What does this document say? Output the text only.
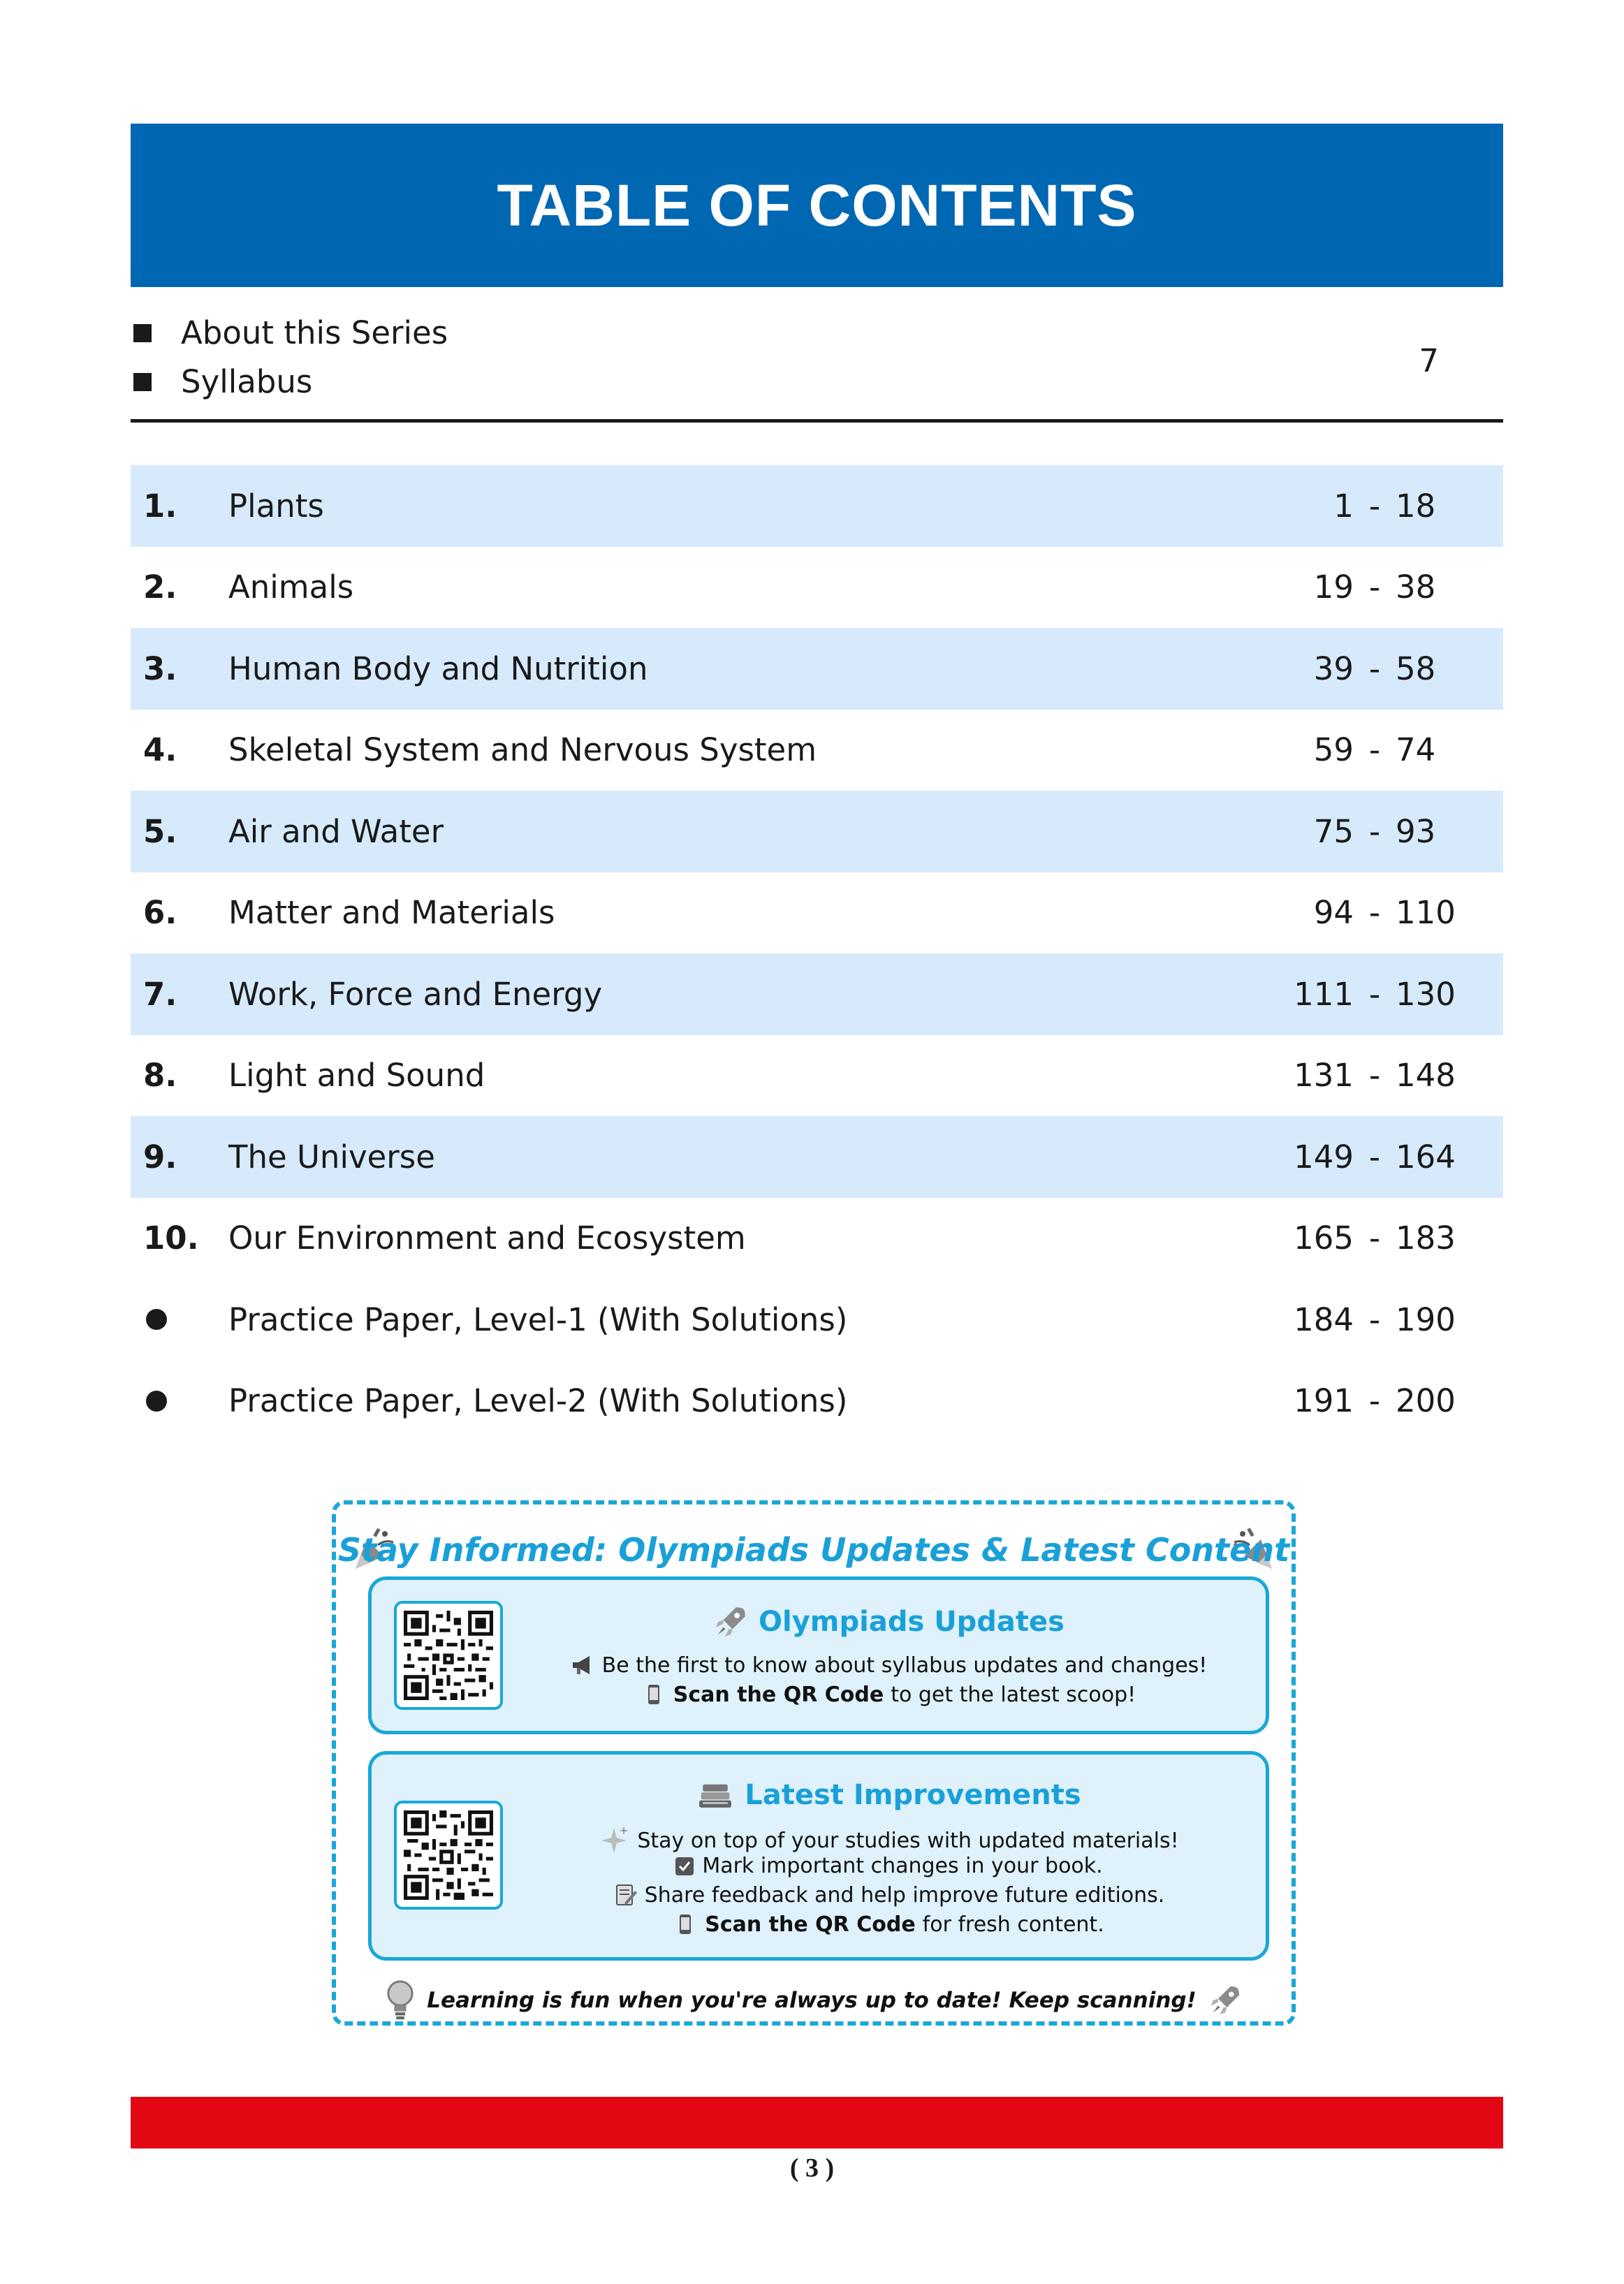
TABLE OF CONTENTS
About this Series
Syllabus
7
1.	Plants	1 - 18
2.	Animals	19 - 38
3.	Human Body and Nutrition	39 - 58
4.	Skeletal System and Nervous System	59 - 74
5.	Air and Water	75 - 93
6.	Matter and Materials	94 - 110
7.	Work, Force and Energy	111 - 130
8.	Light and Sound	131 - 148
9.	The Universe	149 - 164
10. Our Environment and Ecosystem	165 - 183
Practice Paper, Level-1 (With Solutions)	184 - 190
Practice Paper, Level-2 (With Solutions)	191 - 200
Stay Informed: Olympiads Updates & Latest Content
Olympiads Updates
Be the first to know about syllabus updates and changes!
Scan the QR Code to get the latest scoop!
Latest Improvements
Stay on top of your studies with updated materials!
Mark important changes in your book.
Share feedback and help improve future editions.
Scan the QR Code for fresh content.
Learning is fun when you're always up to date! Keep scanning!
( 3 )
